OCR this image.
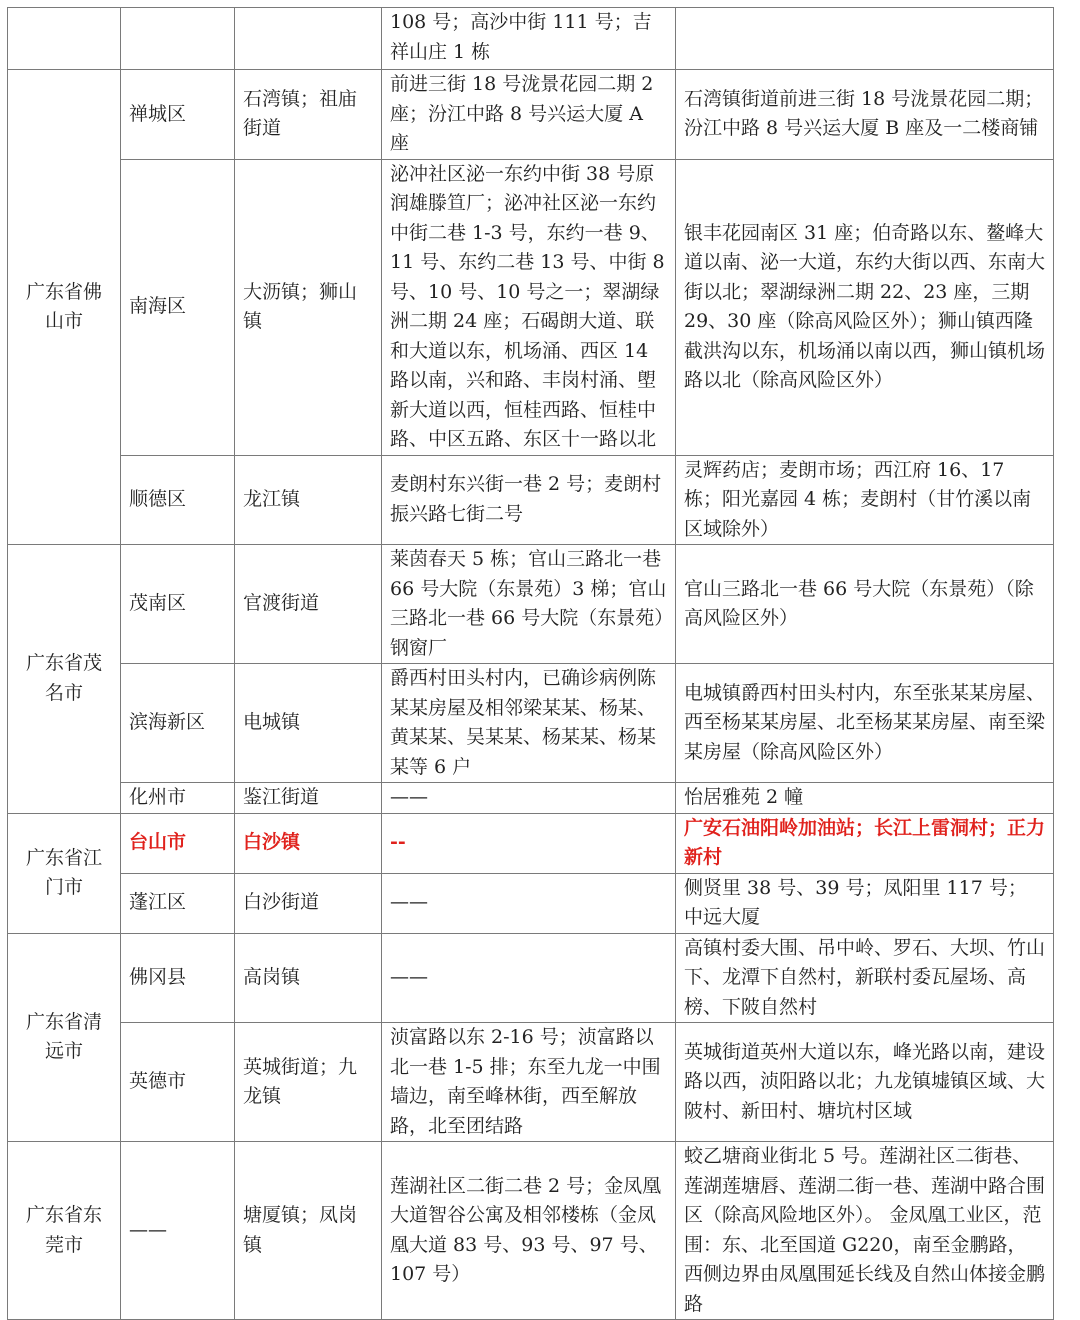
			108 号；高沙中街 111 号；吉祥山庄 1 栋	
广东省佛山市	禅城区	石湾镇；祖庙街道	前进三街 18 号泷景花园二期 2 座；汾江中路 8 号兴运大厦 A 座	石湾镇街道前进三街 18 号泷景花园二期；汾江中路 8 号兴运大厦 B 座及一二楼商铺
	南海区	大沥镇；狮山镇	泌冲社区泌一东约中街 38 号原润雄滕笪厂；泌冲社区泌一东约中街二巷 1-3 号，东约一巷 9、11 号、东约二巷 13 号、中街 8 号、10 号、10 号之一；翠湖绿洲二期 24 座；石碣朗大道、联和大道以东，机场涌、西区 14 路以南，兴和路、丰岗村涌、塱新大道以西，恒桂西路、恒桂中路、中区五路、东区十一路以北	银丰花园南区 31 座；伯奇路以东、鳌峰大道以南、泌一大道，东约大街以西、东南大街以北；翠湖绿洲二期 22、23 座，三期 29、30 座（除高风险区外）；狮山镇西隆截洪沟以东，机场涌以南以西，狮山镇机场路以北（除高风险区外）
	顺德区	龙江镇	麦朗村东兴街一巷 2 号；麦朗村振兴路七街二号	灵辉药店；麦朗市场；西江府 16、17 栋；阳光嘉园 4 栋；麦朗村（甘竹溪以南区域除外）
广东省茂名市	茂南区	官渡街道	莱茵春天 5 栋；官山三路北一巷 66 号大院（东景苑）3 梯；官山三路北一巷 66 号大院（东景苑）钢窗厂	官山三路北一巷 66 号大院（东景苑）（除高风险区外）
	滨海新区	电城镇	爵西村田头村内，已确诊病例陈某某房屋及相邻梁某某、杨某、黄某某、吴某某、杨某某、杨某某等 6 户	电城镇爵西村田头村内，东至张某某房屋、西至杨某某房屋、北至杨某某房屋、南至梁某房屋（除高风险区外）
	化州市	鉴江街道	——	怡居雅苑 2 幢
广东省江门市	台山市	白沙镇	--	广安石油阳岭加油站；长江上雷洞村；正力新村
	蓬江区	白沙街道	——	侧贤里 38 号、39 号；凤阳里 117 号；中远大厦
广东省清远市	佛冈县	高岗镇	——	高镇村委大围、吊中岭、罗石、大坝、竹山下、龙潭下自然村，新联村委瓦屋场、高榜、下陂自然村
	英德市	英城街道；九龙镇	浈富路以东 2-16 号；浈富路以北一巷 1-5 排；东至九龙一中围墙边，南至峰林街，西至解放路，北至团结路	英城街道英州大道以东，峰光路以南，建设路以西，浈阳路以北；九龙镇墟镇区域、大陂村、新田村、塘坑村区域
广东省东莞市	——	塘厦镇；凤岗镇	莲湖社区二街二巷 2 号；金凤凰大道智谷公寓及相邻楼栋（金凤凰大道 83 号、93 号、97 号、107 号）	蛟乙塘商业街北 5 号。莲湖社区二街巷、莲湖莲塘唇、莲湖二街一巷、莲湖中路合围区（除高风险地区外）。 金凤凰工业区，范围：东、北至国道 G220，南至金鹏路，西侧边界由凤凰围延长线及自然山体接金鹏路
